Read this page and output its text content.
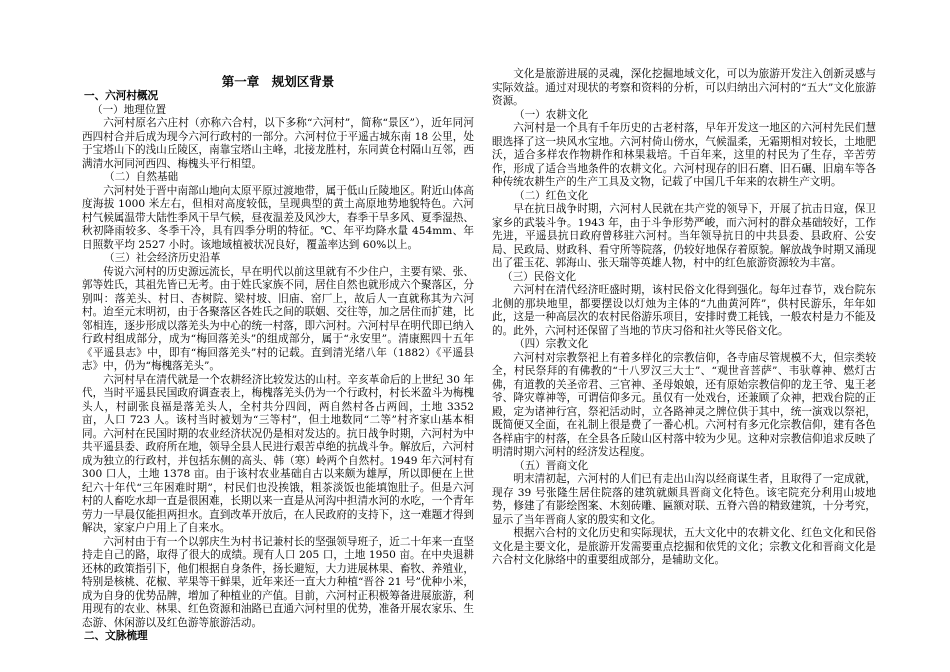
第一章　规划区背景
一、六河村概况
（一）地理位置

六河村原名六庄村（亦称六合村，以下多称“六河村”，简称“景区”），近年同河西四村合并后成为现今六河行政村的一部分。六河村位于平遥古城东南 18 公里，处于宝塔山下的浅山丘陵区，南靠宝塔山主峰，北接龙胜村，东同黄仓村隔山互邻，西满清水河同河西四、梅槐头平行相望。

（二）自然基础

六河村处于晋中南部山地向太原平原过渡地带，属于低山丘陵地区。附近山体高度海拔 1000 米左右，但相对高度较低，呈现典型的黄土高原地势地貌特色。六河村气候属温带大陆性季风干旱气候，昼夜温差及风沙大，春季干旱多风、夏季湿热、秋初降雨较多、冬季干冷，具有四季分明的特征。℃、年平均降水量 454mm、年日照数平均 2527 小时。该地域植被状况良好，覆盖率达到 60%以上。

（三）社会经济历史沿革

传说六河村的历史源远流长，早在明代以前这里就有不少住户，主要有梁、张、郭等姓氏，其祖先皆已无考。由于姓氏家族不同，居住自然也就形成六个聚落区，分别叫：落羌头、村日、杏树院、梁村坡、旧庙、窑厂上，故后人一直就称其为六河村。迨至元末明初，由于各聚落区各姓氏之间的联姻、交往等，加之居住而扩建，比邻相连，逐步形成以落羌头为中心的统一村落，即六河村。六河村早在明代即已纳入行政村组成部分，成为“梅回落羌头”的组成部分，属于“永安里”。清康熙四十五年《平遥县志》中，即有“梅回落羌头”村的记载。直到清光绪八年（1882）《平遥县志》中，仍为“梅槐落羌头”。

六河村早在清代就是一个农耕经济比较发达的山村。辛亥革命后的上世纪 30 年代，当时平遥县民国政府调查表上，梅槐落羌头仍为一个行政村，村长米盈斗为梅槐头人，村副张良福是落羌头人，全村共分四闾，两自然村各占两闾，土地 3352 亩，人口 723 人。该村当时被划为“三等村”，但土地数同“二等”村齐家山基本相同。六河村在民国时期的农业经济状况仍是相对发达的。抗日战争时期，六河村为中共平遥县委、政府所在地，领导全县人民进行艰苦卓绝的抗战斗争。解放后，六河村成为独立的行政村，并包括东侧的高头、韩（寒）岭两个自然村。1949 年六河村有 300 口人，土地 1378 亩。由于该村农业基础自古以来颇为雄厚，所以即便在上世纪六十年代“三年困难时期”，村民们也没挨饿，粗茶淡饭也能填饱肚子。但是六河村的人畜吃水却一直是很困难，长期以来一直是从河沟中担清水河的水吃，一个青年劳力一早晨仅能担两担水。直到改革开放后，在人民政府的支持下，这一难题才得到解决，家家户户用上了自来水。

六河村由于有一个以郭庆生为村书记兼村长的坚强领导班子，近二十年来一直坚持走自己的路，取得了很大的成绩。现有人口 205 口，土地 1950 亩。在中央退耕还林的政策指引下，他们根据自身条件，扬长避短，大力进展林果、畜牧、养殖业，特别是核桃、花椒、苹果等干鲜果，近年来还一直大力种植“晋谷 21 号”优种小米，成为自身的优势品牌，增加了种植业的产值。目前，六河村正积极筹备进展旅游，利用现有的农业、林果、红色资源和油路已直通六河村里的优势，准备开展农家乐、生态游、休闲游以及红色游等旅游活动。

二、文脉梳理

文化是旅游进展的灵魂，深化挖掘地域文化，可以为旅游开发注入创新灵感与实际效益。通过对现状的考察和资料的分析，可以归纳出六河村的“五大”文化旅游资源。

（一）农耕文化

六河村是一个具有千年历史的古老村落，早年开发这一地区的六河村先民们慧眼选择了这一块风水宝地。六河村倚山傍水，气候温柔，无霜期相对较长，土地肥沃，适合多样农作物耕作和林果栽培。千百年来，这里的村民为了生存，辛苦劳作，形成了适合当地条件的农耕文化。六河村现存的旧石磨、旧石碾、旧扇车等各种传统农耕生产的生产工具及文物，记载了中国几千年来的农耕生产文明。

（二）红色文化

早在抗日战争时期，六河村人民就在共产党的领导下，开展了抗击日寇，保卫家乡的武装斗争。1943 年，由于斗争形势严峻，而六河村的群众基础较好，工作先进，平遥县抗日政府曾移驻六河村。当年领导抗日的中共县委、县政府、公安局、民政局、财政科、看守所等院落，仍较好地保存着原貌。解放战争时期又涌现出了霍玉花、郭海山、张天瑞等英雄人物，村中的红色旅游资源较为丰富。

（三）民俗文化

六河村在清代经济旺盛时期，该村民俗文化得到强化。每年过春节，戏台院东北侧的那块地里，都要摆设以灯烛为主体的“九曲黄河阵”，供村民游乐，年年如此，这是一种高层次的农村民俗游乐项目，安排时费工耗钱，一般农村是力不能及的。此外，六河村还保留了当地的节庆习俗和社火等民俗文化。

（四）宗教文化

六河村对宗教祭祀上有着多样化的宗教信仰，各寺庙尽管规模不大，但宗类较全，村民祭拜的有佛教的“十八罗汉三大士”、“观世音菩萨”、韦驮尊神、燃灯古佛，有道教的关圣帝君、三官神、圣母娘娘，还有原始宗教信仰的龙王爷、鬼王老爷、降灾尊神等，可谓信仰多元。虽仅有一处戏台，还兼顾了众神，把戏台院的正殿，定为诸神行宫，祭祀活动时，立各路神灵之牌位供于其中，统一演戏以祭祀，既简便又全面，在礼制上很是费了一番心机。六河村有多元化宗教信仰，建有各色各样庙宇的村落，在全县各丘陵山区村落中较为少见。这种对宗教信仰追求反映了明清时期六河村的经济发达程度。

（五）晋商文化

明末清初起，六河村的人们已有走出山沟以经商谋生者，且取得了一定成就，现存 39 号张隆生居住院落的建筑就颇具晋商文化特色。该宅院充分利用山坡地势，修建了有影绘图案、木刻砖雕、匾额对联、五脊六兽的精致建筑，十分考究，显示了当年晋商人家的殷实和文化。

根据六合村的文化历史和实际现状，五大文化中的农耕文化、红色文化和民俗文化是主要文化，是旅游开发需要重点挖掘和依凭的文化；宗教文化和晋商文化是六合村文化脉络中的重要组成部分，是辅助文化。
